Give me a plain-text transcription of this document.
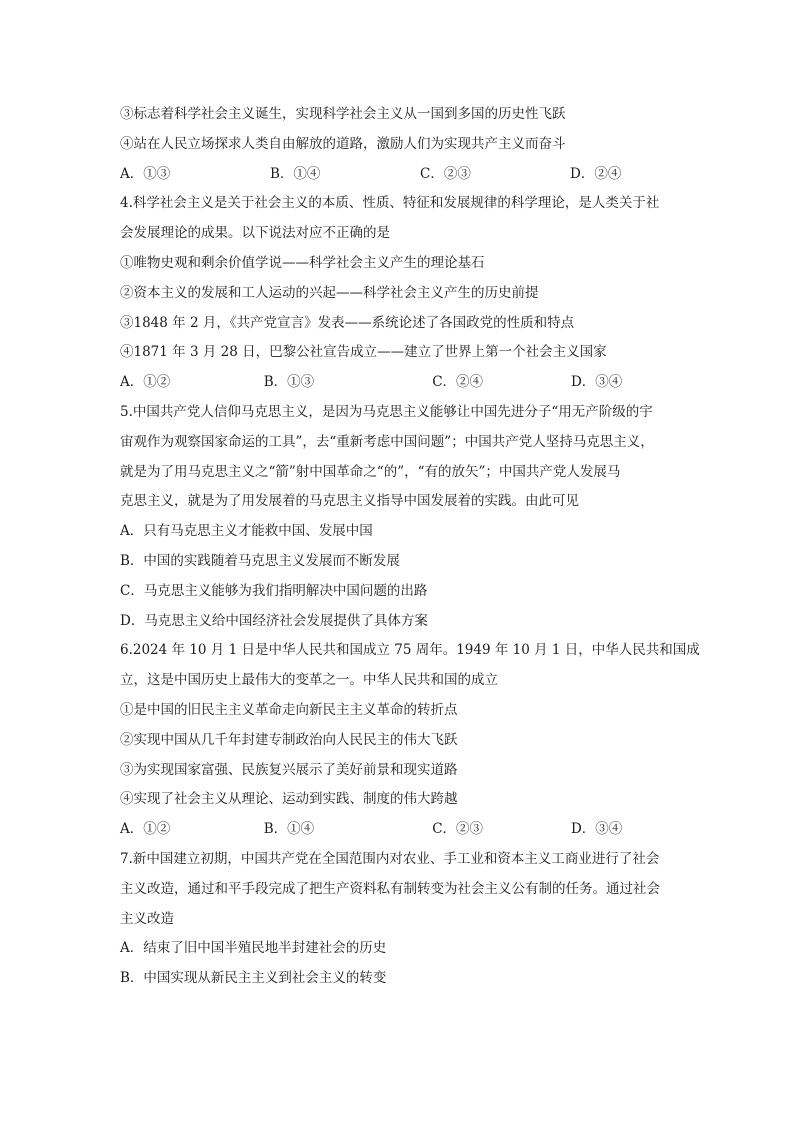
③标志着科学社会主义诞生，实现科学社会主义从一国到多国的历史性飞跃
④站在人民立场探求人类自由解放的道路，激励人们为实现共产主义而奋斗
A．①③	B．①④	C．②③	D．②④
4.科学社会主义是关于社会主义的本质、性质、特征和发展规律的科学理论，是人类关于社
会发展理论的成果。以下说法对应不正确的是
①唯物史观和剩余价值学说——科学社会主义产生的理论基石
②资本主义的发展和工人运动的兴起——科学社会主义产生的历史前提
③1848 年 2 月，《共产党宣言》发表——系统论述了各国政党的性质和特点
④1871 年 3 月 28 日，巴黎公社宣告成立——建立了世界上第一个社会主义国家
A．①②	B．①③	C．②④	D．③④
5.中国共产党人信仰马克思主义，是因为马克思主义能够让中国先进分子“用无产阶级的宇
宙观作为观察国家命运的工具”，去“重新考虑中国问题”；中国共产党人坚持马克思主义，
就是为了用马克思主义之“箭”射中国革命之“的”，“有的放矢”；中国共产党人发展马
克思主义，就是为了用发展着的马克思主义指导中国发展着的实践。由此可见
A．只有马克思主义才能救中国、发展中国
B．中国的实践随着马克思主义发展而不断发展
C．马克思主义能够为我们指明解决中国问题的出路
D．马克思主义给中国经济社会发展提供了具体方案
6.2024 年 10 月 1 日是中华人民共和国成立 75 周年。1949 年 10 月 1 日，中华人民共和国成
立，这是中国历史上最伟大的变革之一。中华人民共和国的成立
①是中国的旧民主主义革命走向新民主主义革命的转折点
②实现中国从几千年封建专制政治向人民民主的伟大飞跃
③为实现国家富强、民族复兴展示了美好前景和现实道路
④实现了社会主义从理论、运动到实践、制度的伟大跨越
A．①②	B．①④	C．②③	D．③④
7.新中国建立初期，中国共产党在全国范围内对农业、手工业和资本主义工商业进行了社会
主义改造，通过和平手段完成了把生产资料私有制转变为社会主义公有制的任务。通过社会
主义改造
A．结束了旧中国半殖民地半封建社会的历史
B．中国实现从新民主主义到社会主义的转变
